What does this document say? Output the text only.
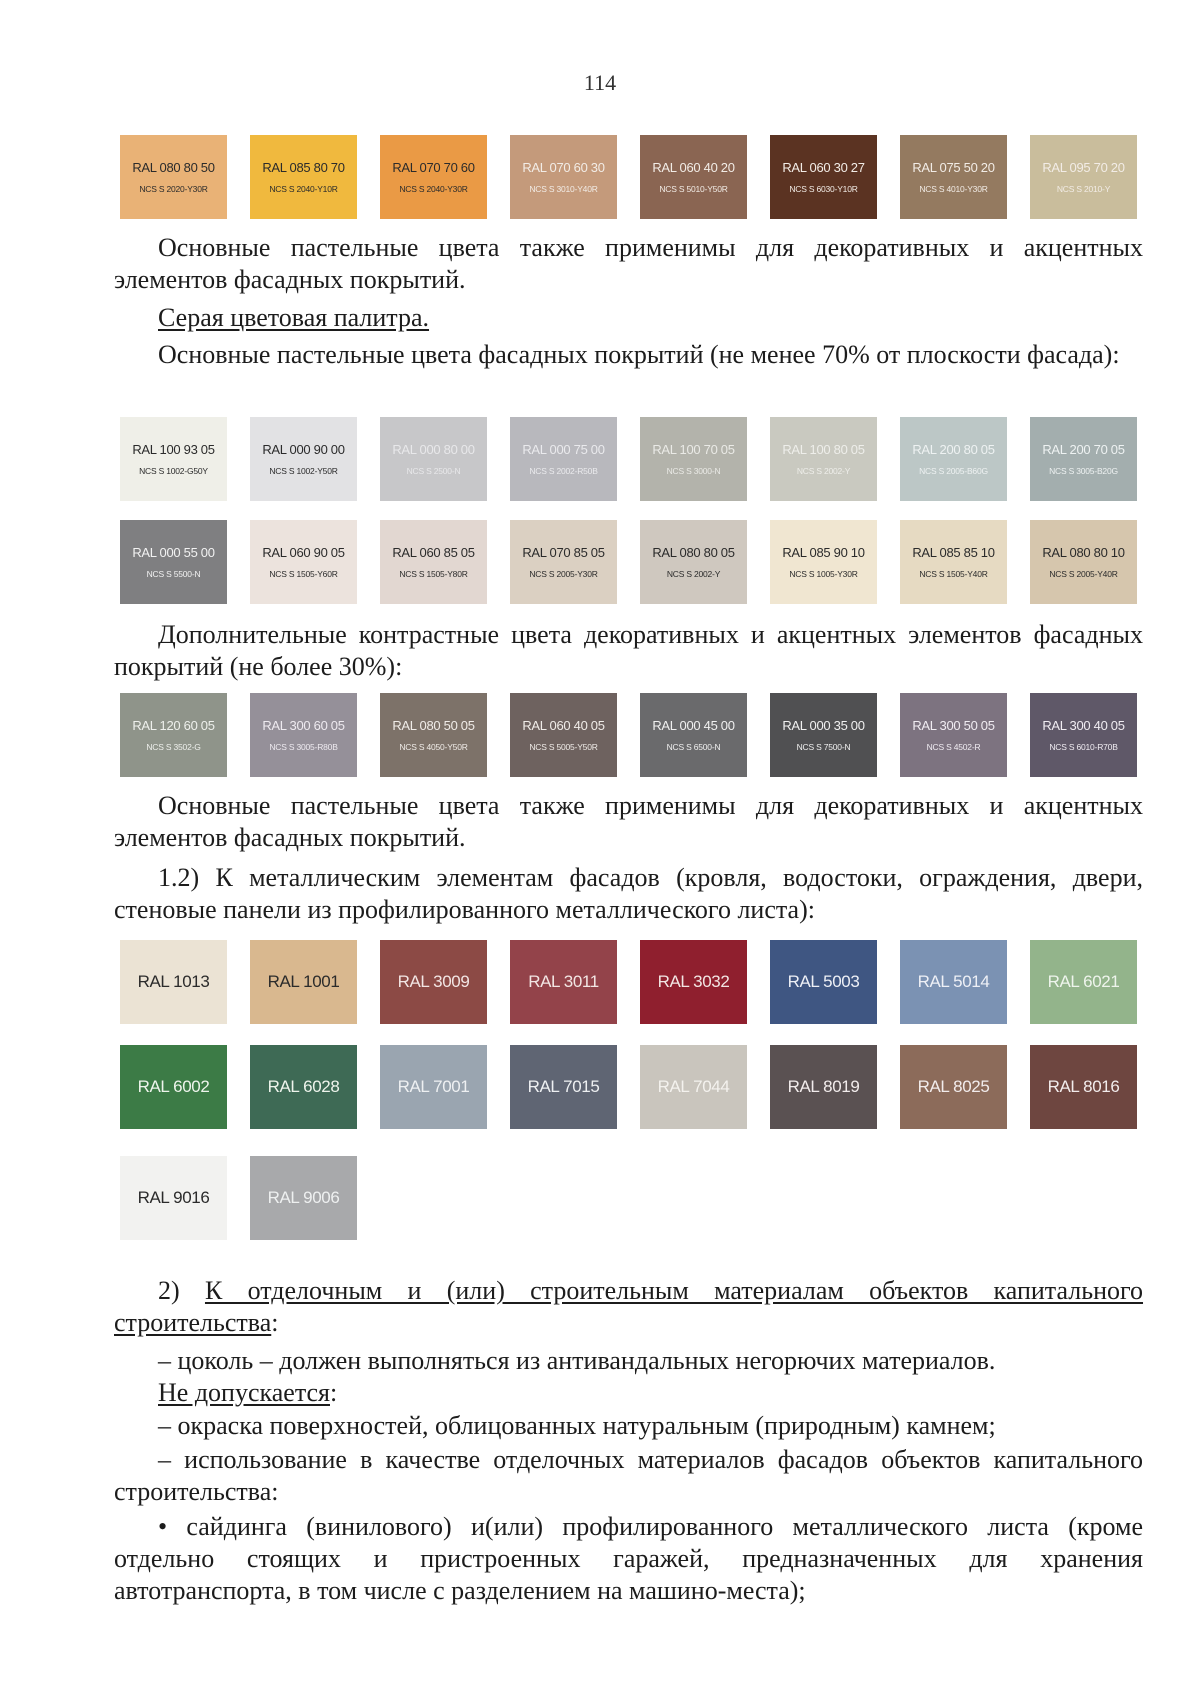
114
RAL 080 80 50
NCS S 2020-Y30R
RAL 085 80 70
NCS S 2040-Y10R
RAL 070 70 60
NCS S 2040-Y30R
RAL 070 60 30
NCS S 3010-Y40R
RAL 060 40 20
NCS S 5010-Y50R
RAL 060 30 27
NCS S 6030-Y10R
RAL 075 50 20
NCS S 4010-Y30R
RAL 095 70 20
NCS S 2010-Y

Основные пастельные цвета также применимы для декоративных и акцентных элементов фасадных покрытий.

Серая цветовая палитра.

Основные пастельные цвета фасадных покрытий (не менее 70% от плоскости фасада):

RAL 100 93 05
NCS S 1002-G50Y
RAL 000 90 00
NCS S 1002-Y50R
RAL 000 80 00
NCS S 2500-N
RAL 000 75 00
NCS S 2002-R50B
RAL 100 70 05
NCS S 3000-N
RAL 100 80 05
NCS S 2002-Y
RAL 200 80 05
NCS S 2005-B60G
RAL 200 70 05
NCS S 3005-B20G
RAL 000 55 00
NCS S 5500-N
RAL 060 90 05
NCS S 1505-Y60R
RAL 060 85 05
NCS S 1505-Y80R
RAL 070 85 05
NCS S 2005-Y30R
RAL 080 80 05
NCS S 2002-Y
RAL 085 90 10
NCS S 1005-Y30R
RAL 085 85 10
NCS S 1505-Y40R
RAL 080 80 10
NCS S 2005-Y40R

Дополнительные контрастные цвета декоративных и акцентных элементов фасадных покрытий (не более 30%):

RAL 120 60 05
NCS S 3502-G
RAL 300 60 05
NCS S 3005-R80B
RAL 080 50 05
NCS S 4050-Y50R
RAL 060 40 05
NCS S 5005-Y50R
RAL 000 45 00
NCS S 6500-N
RAL 000 35 00
NCS S 7500-N
RAL 300 50 05
NCS S 4502-R
RAL 300 40 05
NCS S 6010-R70B

Основные пастельные цвета также применимы для декоративных и акцентных элементов фасадных покрытий.

1.2) К металлическим элементам фасадов (кровля, водостоки, ограждения, двери, стеновые панели из профилированного металлического листа):

RAL 1013	RAL 1001	RAL 3009	RAL 3011	RAL 3032	RAL 5003	RAL 5014	RAL 6021
RAL 6002	RAL 6028	RAL 7001	RAL 7015	RAL 7044	RAL 8019	RAL 8025	RAL 8016
RAL 9016	RAL 9006

2) К отделочным и (или) строительным материалам объектов капитального строительства:

– цоколь – должен выполняться из антивандальных негорючих материалов.

Не допускается:

– окраска поверхностей, облицованных натуральным (природным) камнем;

– использование в качестве отделочных материалов фасадов объектов капитального строительства:

• сайдинга (винилового) и(или) профилированного металлического листа (кроме отдельно стоящих и пристроенных гаражей, предназначенных для хранения автотранспорта, в том числе с разделением на машино-места);
